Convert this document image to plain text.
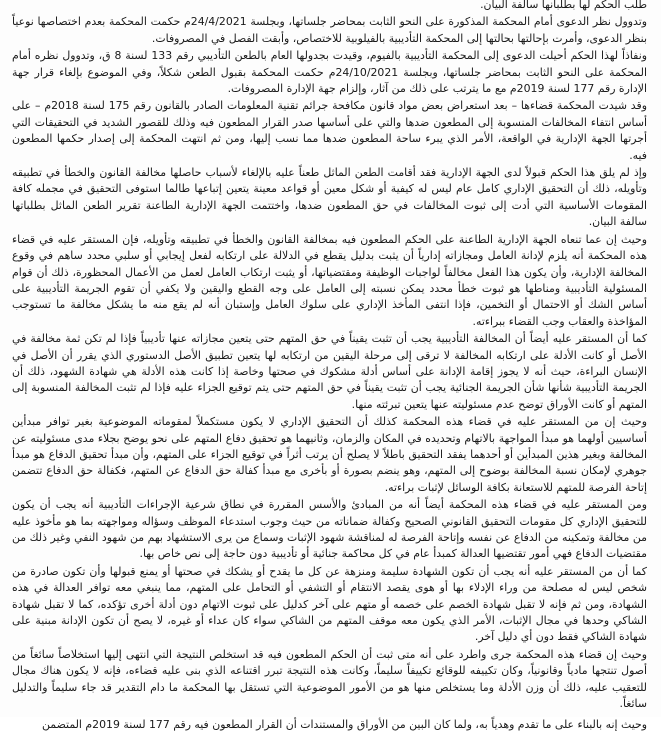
طلب الحكم لها بطلبانها سالفة البيان.

وتدوول نظر الدعوى أمام المحكمة المذكورة على النحو الثابت بمحاضر جلساتها، وبجلسة 24/4/2021م حكمت المحكمة بعدم اختصاصها نوعياً بنظر الدعوى، وأمرت بإحالتها بحالتها إلى المحكمة التأديبية بالفيلوبية للاختصاص، وأبقت الفصل في المصروفات.

ونفاذاً لهذا الحكم أحيلت الدعوى إلى المحكمة التأديبية بالفيوم، وقيدت بجدولها العام بالطعن التأديبي رقم 133 لسنة 8 ق، وتدوول نظره أمام المحكمة على النحو الثابت بمحاضر جلساتها، وبجلسة 24/10/2021م حكمت المحكمة بقبول الطعن شكلاً، وفي الموضوع بإلغاء قرار جهة الإدارة رقم 177 لسنة 2019م مع ما يترتب على ذلك من آثار، وإلزام جهة الإدارة المصروفات.

وقد شيدت المحكمة قضاءها – بعد استعراض بعض مواد قانون مكافحة جرائم تقنية المعلومات الصادر بالقانون رقم 175 لسنة 2018م – على أساس انتفاء المخالفات المنسوبة إلى المطعون ضدها والتي على أساسها صدر القرار المطعون فيه وذلك للقصور الشديد في التحقيقات التي أجرتها الجهة الإدارية في الواقعة، الأمر الذي يبرء ساحة المطعون ضدها مما نسب إليها، ومن ثم انتهت المحكمة إلى إصدار حكمها المطعون فيه.

وإذ لم يلق هذا الحكم قبولاً لدى الجهة الإدارية فقد أقامت الطعن الماثل طعناً عليه بالإلغاء لأسباب حاصلها مخالفة القانون والخطأ في تطبيقه وتأويله، ذلك أن التحقيق الإداري كامل عام ليس له كيفية أو شكل معين أو قواعد معينة يتعين إتباعها طالما استوفى التحقيق في مجمله كافة المقومات الأساسية التي أدت إلى ثبوت المخالفات في حق المطعون ضدها، واختتمت الجهة الإدارية الطاعنة تقرير الطعن الماثل بطلباتها سالفة البيان.

وحيث إن عما تنعاه الجهة الإدارية الطاعنة على الحكم المطعون فيه بمخالفة القانون والخطأ في تطبيقه وتأويله، فإن المستقر عليه في قضاء هذه المحكمة أنه يلزم لإدانة العامل ومجازاته إدارياً أن يثبت بدليل يقطع في الدلالة على ارتكابه لفعل إيجابي أو سلبي محدد ساهم في وقوع المخالفة الإدارية، وأن يكون هذا الفعل مخالفاً لواجبات الوظيفة ومقتضياتها، أو يثبت ارتكاب العامل لعمل من الأعمال المحظورة، ذلك أن قوام المسئولية التأديبية ومناطها هو ثبوت خطأ محدد يمكن نسبته إلى العامل على وجه القطع واليقين ولا يكفي أن تقوم الجريمة التأديبية على أساس الشك أو الاحتمال أو التخمين، فإذا انتفى المأخذ الإداري على سلوك العامل وإستبان أنه لم يقع منه ما يشكل مخالفة ما تستوجب المؤاخذة والعقاب وجب القضاء ببراءته.

كما أن المستقر عليه أيضاً أن المخالفة التأديبية يجب أن تثبت يقيناً في حق المتهم حتى يتعين مجازاته عنها تأديبياً فإذا لم تكن ثمة مخالفة في الأصل أو كانت الأدلة على ارتكابه المخالفة لا ترقى إلى مرحلة اليقين من ارتكابه لها يتعين تطبيق الأصل الدستوري الذي يقرر أن الأصل في الإنسان البراءة، حيث أنه لا يجوز إقامة الإدانة على أساس أدلة مشكوك في صحتها وخاصة إذا كانت هذه الأدلة هي شهادة الشهود، ذلك أن الجريمة التأديبية شأنها شأن الجريمة الجنائية يجب أن تثبت يقيناً في حق المتهم حتى يتم توقيع الجزاء عليه فإذا لم تثبت المخالفة المنسوبة إلى المتهم أو كانت الأوراق توضح عدم مسئوليته عنها يتعين تبرئته منها.

وحيث إن من المستقر عليه في قضاء هذه المحكمة كذلك أن التحقيق الإداري لا يكون مستكملاً لمقوماته الموضوعية بغير توافر مبدأين أساسيين أولهما هو مبدأ المواجهة بالاتهام وتحديده في المكان والزمان، وثانيهما هو تحقيق دفاع المتهم على نحو يوضح بجلاء مدى مسئوليته عن المخالفة وبغير هذين المبدأين أو أحدهما يفقد التحقيق باطلاً لا يصلح أن يرتب أثراً في توقيع الجزاء على المتهم، وأن مبدأ تحقيق الدفاع هو مبدأ جوهري لإمكان نسبة المخالفة بوضوح إلى المتهم، وهو ينضم بصورة أو بأخرى مع مبدأ كفالة حق الدفاع عن المتهم، فكفالة حق الدفاع تتضمن إتاحة الفرصة للمتهم للاستعانة بكافة الوسائل لإثبات براءته.

ومن المستقر عليه في قضاء هذه المحكمة أيضاً أنه من المبادئ والأسس المقررة في نطاق شرعية الإجراءات التأديبية أنه يجب أن يكون للتحقيق الإداري كل مقومات التحقيق القانوني الصحيح وكفالة ضماناته من حيث وجوب استدعاء الموظف وسؤاله ومواجهته بما هو مأخوذ عليه من مخالفة وتمكينه من الدفاع عن نفسه وإتاحة الفرصة له لمناقشة شهود الإثبات وسماع من يرى الاستشهاد بهم من شهود النفي وغير ذلك من مقتضيات الدفاع فهي أمور تقتضيها العدالة كمبدأ عام في كل محاكمة جنائية أو تأديبية دون حاجة إلى نص خاص بها.

كما أن من المستقر عليه أنه يجب أن تكون الشهادة سليمة ومنزهة عن كل ما يقدح أو يشكك في صحتها أو يمنع قبولها وأن تكون صادرة من شخص ليس له مصلحة من وراء الإدلاء بها أو هوى يقصد الانتقام أو التشفي أو التحامل على المتهم، مما ينبغي معه توافر العدالة في هذه الشهادة، ومن ثم فإنه لا تقبل شهادة الخصم على خصمه أو متهم على آخر كدليل على ثبوت الاتهام دون أدلة أخرى تؤكده، كما لا تقبل شهادة الشاكي وحدها في مجال الإثبات، الأمر الذي يكون معه موقف المتهم من الشاكي سواء كان عداء أو غيره، لا يصح أن تكون الإدانة مبنية على شهادة الشاكي فقط دون أي دليل آخر.

وحيث إن قضاء هذه المحكمة جرى واطرد على أنه متى ثبت أن الحكم المطعون فيه قد استخلص النتيجة التي انتهى إليها استخلاصاً سائغاً من أصول تنتجها مادياً وقانونياً، وكان تكييفه للوقائع تكييفاً سليماً، وكانت هذه النتيجة تبرر اقتناعه الذي بنى عليه قضاءه، فإنه لا يكون هناك مجال للتعقيب عليه، ذلك أن وزن الأدلة وما يستخلص منها هو من الأمور الموضوعية التي تستقل بها المحكمة ما دام التقدير قد جاء سليماً والتدليل سائغاً.

وحيث إنه بالبناء على ما تقدم وهدياً به، ولما كان البين من الأوراق والمستندات أن القرار المطعون فيه رقم 177 لسنة 2019م المتضمن
